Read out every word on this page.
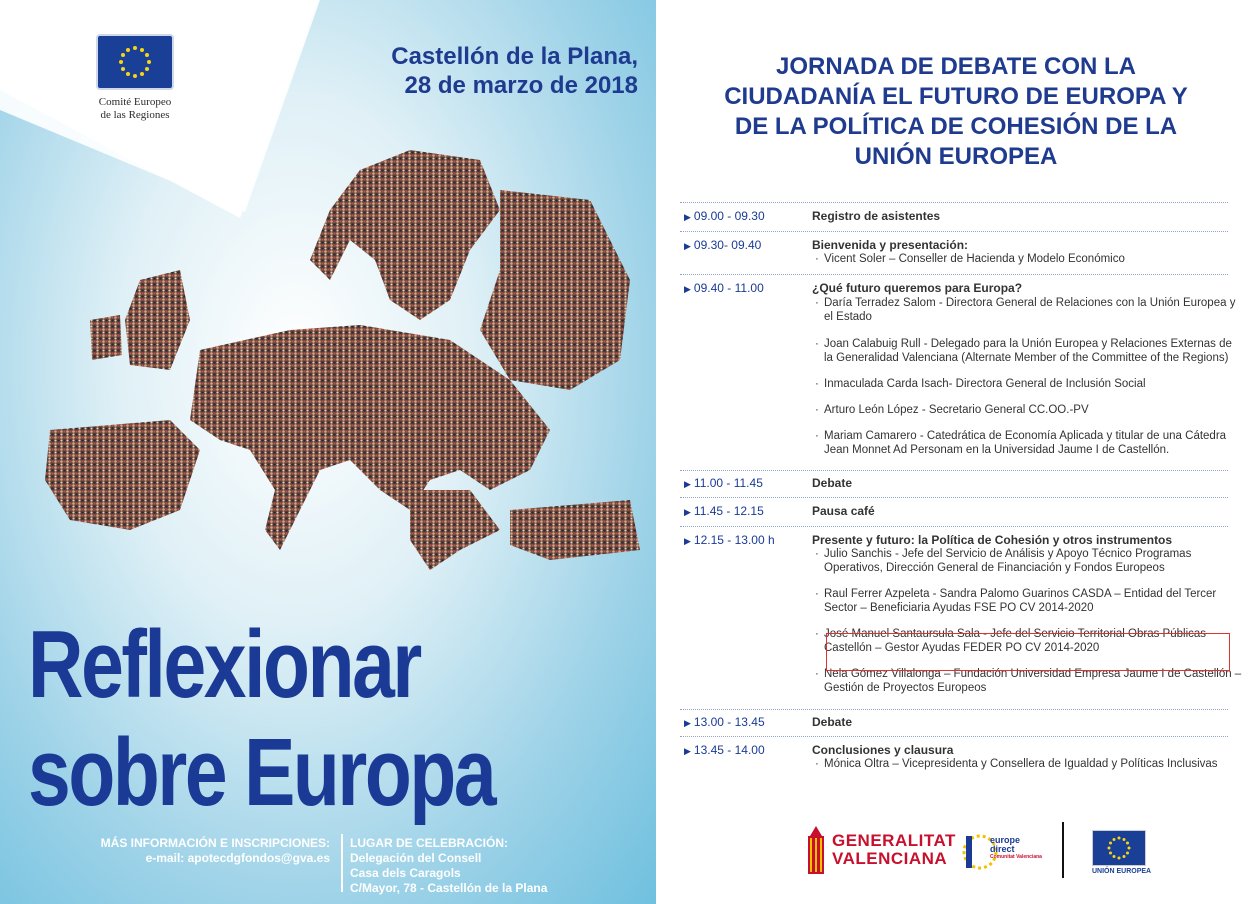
Comité Europeo
de las Regiones
Castellón de la Plana,
28 de marzo de 2018
Reflexionar
sobre Europa
MÁS INFORMACIÓN E INSCRIPCIONES:
e-mail: apotecdgfondos@gva.es
LUGAR DE CELEBRACIÓN:
Delegación del Consell
Casa dels Caragols
C/Mayor, 78 - Castellón de la Plana
JORNADA DE DEBATE CON LA
CIUDADANÍA EL FUTURO DE EUROPA Y
DE LA POLÍTICA DE COHESIÓN DE LA
UNIÓN EUROPEA
▶ 09.00 - 09.30	Registro de asistentes
▶ 09.30- 09.40	Bienvenida y presentación:
· Vicent Soler – Conseller de Hacienda y Modelo Económico
▶ 09.40 - 11.00	¿Qué futuro queremos para Europa?
· Daría Terradez Salom - Directora General de Relaciones con la Unión Europea y el Estado
· Joan Calabuig Rull - Delegado para la Unión Europea y Relaciones Externas de la Generalidad Valenciana (Alternate Member of the Committee of the Regions)
· Inmaculada Carda Isach- Directora General de Inclusión Social
· Arturo León López - Secretario General CC.OO.-PV
· Mariam Camarero - Catedrática de Economía Aplicada y titular de una Cátedra Jean Monnet Ad Personam en la Universidad Jaume I de Castellón.
▶ 11.00 - 11.45	Debate
▶ 11.45 - 12.15	Pausa café
▶ 12.15 - 13.00 h	Presente y futuro: la Política de Cohesión y otros instrumentos
· Julio Sanchis - Jefe del Servicio de Análisis y Apoyo Técnico Programas Operativos, Dirección General de Financiación y Fondos Europeos
· Raul Ferrer Azpeleta - Sandra Palomo Guarinos CASDA – Entidad del Tercer Sector – Beneficiaria Ayudas FSE PO CV 2014-2020
· José Manuel Santaursula Sala - Jefe del Servicio Territorial Obras Públicas Castellón – Gestor Ayudas FEDER PO CV 2014-2020
· Nela Gómez Villalonga – Fundación Universidad Empresa Jaume I de Castellón – Gestión de Proyectos Europeos
▶ 13.00 - 13.45	Debate
▶ 13.45 - 14.00	Conclusiones y clausura
· Mónica Oltra – Vicepresidenta y Consellera de Igualdad y Políticas Inclusivas
GENERALITAT
VALENCIANA
europe
direct
Comunitat Valenciana
UNIÓN EUROPEA
